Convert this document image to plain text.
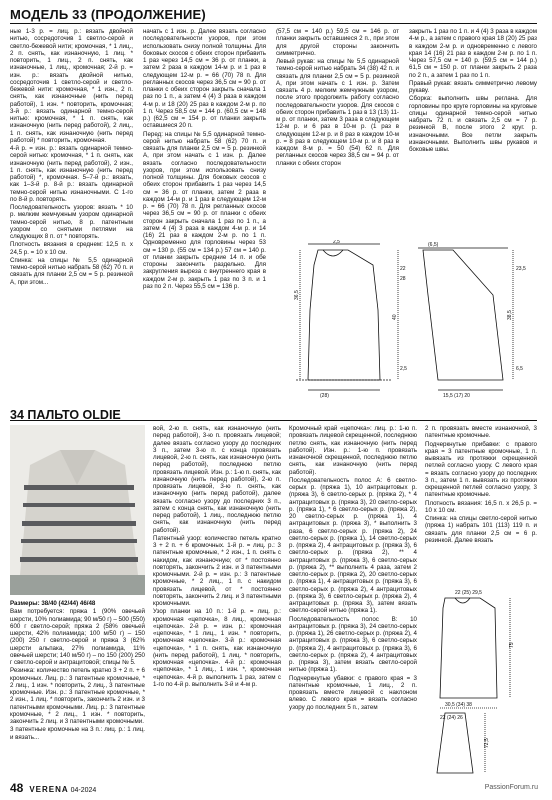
МОДЕЛЬ 33 (ПРОДОЛЖЕНИЕ)

ные 1-3 р. = лиц. р.: вязать двойной нитью, сосредоточив 1 светло-серой и светло-бежевой нити; кромочная, * 1 лиц., 2 п. снять, как изнаночную, 1 лиц. * повторить, 1 лиц., 2 п. снять, как изнаночные, 1 лиц., кромочная; 2-й р. = изн. р.: вязать двойной нитью, сосредоточив 1 светло-серой и светло-бежевой нити: кромочная, * 1 изн., 2 п. снять, как изнаночные (нить перед работой), 1 изн. * повторить, кромочная; 3-й р.: вязать одинарной темно-серой нитью: кромочная, * 1 п. снять, как изнаночную (нить перед работой), 2 лиц., 1 п. снять, как изнаночную (нить перед работой) * повторить, кромочная.

4-й р. = изн. р.: вязать одинарной темно-серой нитью: кромочная, * 1 п. снять, как изнаночную (нить перед работой), 2 изн., 1 п. снять, как изнаночную (нить перед работой) *, кромочная. 5–7-й р.: вязать, как 1–3-й р. 8-й р.: вязать одинарной темно-серой нитью изнаночными. С 1-го по 8-й р. повторять.

Последовательность узоров: вязать * 10 р. мелким жемчужным узором одинарной темно-серой нитью, 8 р. патентным узором со снятыми петлями на следующих 8 п. от * повторять.

Плотность вязания в среднем: 12,5 п. х 24,5 р. = 10 х 10 см.

Спинка: на спицы № 5,5 одинарной темно-серой нитью набрать 58 (62) 70 п. и связать для планки 2,5 см = 5 р. резинкой А, при этом...

начать с 1 изн. р. Далее вязать согласно последовательности узоров, при этом использовать снизу полной толщины. Для боковых скосов с обеих сторон прибавить 1 раз через 14,5 см = 36 р. от планки, а затем 2 раза в каждом 14-м р. и 1 раз в следующем 12-м р. = 66 (70) 78 п. Для регланных скосов через 36,5 см = 90 р. от планки с обеих сторон закрыть сначала 1 раз по 1 п., а затем 4 (4) 3 раза в каждом 4-м р. и 18 (20) 25 раз в каждом 2-м р. по 1 п. Через 58,5 см = 144 р. (60,5 см = 148 р.) (62,5 см = 154 р. от планки закрыть оставшиеся 20 п.

Перед: на спицы № 5,5 одинарной темно-серой нитью набрать 58 (62) 70 п. и связать для планки 2,5 см = 5 р. резинкой А, при этом начать с 1 изн. р. Далее вязать согласно последовательности узоров, при этом использовать снизу полной толщины. Для боковых скосов с обеих сторон прибавить 1 раз через 14,5 см = 36 р. от планки, затем 2 раза в каждом 14-м р. и 1 раз в следующем 12-м р. = 66 (70) 78 п. Для регланных скосов через 36,5 см = 90 р. от планки с обеих сторон закрыть сначала 1 раз по 1 п., а затем 4 (4) 3 раза в каждом 4-м р. и 14 (16) 21 раз в каждом 2-м р. по 1 п. Одновременно для горловины через 53 см = 130 р. (55 см = 134 р.) 57 см = 140 р. от планки закрыть средние 14 п. и обе стороны закончить раздельно. Для закругления выреза с внутреннего края в каждом 2-м р. закрыть 1 раз по 3 п. и 1 раз по 2 п. Через 55,5 см = 136 р.

(57,5 см = 140 р.) 59,5 см = 146 р. от планки закрыть оставшиеся 2 п., при этом для другой стороны закончить симметрично.

Левый рукав: на спицы № 5,5 одинарной темно-серой нитью набрать 34 (38) 42 п. и связать для планки 2,5 см = 5 р. резинкой А, при этом начать с 1 изн. р. Затем связать 4 р. мелким жемчужным узором, после этого продолжить работу согласно последовательности узоров. Для скосов с обеих сторон прибавить 1 раз в 13 (13) 11-м р. от планки, затем 3 раза в следующем 12-м р. и 6 раз в 10-м р. (1 раз в следующем 12-м р. и 8 раз в каждом 10-м р. = 8 раз в следующем 10-м р. и 8 раз в каждом 8-м р. = 50 (54) 62 п. Для регланных скосов через 38,5 см = 94 р. от планки с обеих сторон

закрыть 1 раз по 1 п. и 4 (4) 3 раза в каждом 4-м р., а затем с правого края 18 (20) 25 раз в каждом 2-м р. и одновременно с левого края 14 (16) 21 раз в каждом 2-м р. по 1 п. Через 57,5 см = 140 р. (59,5 см = 144 р.) 61,5 см = 150 р. от планки закрыть 2 раза по 2 п., а затем 1 раз по 1 п.

Правый рукав: вязать симметрично левому рукаву.

Сборка: выполнить швы реглана. Для горловины про круге горловины на круговые спицы одинарной темно-серой нитью набрать 72 п. и связать 2,5 см = 7 р. резинкой В, после этого 2 круг. р. изнаночными. Все петли закрыть изнаночными. Выполнить швы рукавов и боковые швы.

36,5
40	38,5
(28)	15,5 (17) 20
(6,5)
2,5
22
28
2,5
23,5
6,5
34 ПАЛЬТО OLDIE

Размеры: 38/40 (42/44) 46/48

Вам потребуется: пряжа 1 (90% овечьей шерсти, 10% полиамида; 90 м/50 г) – 500 (550) 600 г светло-серой; пряжа 2 (58% овечьей шерсти, 42% полиамида; 100 м/50 г) – 150 (200) 250 г светло-серой и пряжа 3 (62% шерсти альпака, 27% полиамида, 11% овечьей шерсти; 140 м/50 г) – по 150 (200) 250 г светло-серой и антрацитовой; спицы № 5.

Резинка: количество петель кратно 3 + 2 п. + 6 кромочных. Лиц. р.: 3 патентные кромочные, * 2 лиц., 1 изн. * повторить, 2 лиц., 3 патентные кромочные. Изн. р.: 3 патентные кромочные, * 2 изн., 1 лиц. * повторить, закончить 2 изн. и 3 патентными кромочными. Лиц. р.: 3 патентные кромочные, * 2 лиц., 1 изн. * повторить, закончить 2 лиц. и 3 патентными кромочными.

3 патентные кромочные на 3 п.: лиц. р.: 1 лиц. и вязать...

вой, 2-ю п. снять, как изнаночную (нить перед работой), 3-ю п. провязать лицевой; далее вязать согласно узору до последних 3 п., затем 3-ю п. с конца провязать лицевой, 2-ю п. снять, как изнаночную (нить перед работой), последнюю петлю провязать лицевой. Изн. р.: 1-ю п. снять, как изнаночную (нить перед работой), 2-ю п. провязать лицевой, 3-ю п. снять, как изнаночную (нить перед работой), далее вязать согласно узору до последних 3 п., затем с конца снять, как изнаночную (нить перед работой), 1 лиц., последнюю петлю снять, как изнаночную (нить перед работой).

Патентный узор: количество петель кратно 3 + 2 п. + 6 кромочных. 1-й р. = лиц. р.: 3 патентные кромочные, * 2 изн., 1 п. снять с накидом, как изнаночную; от * постоянно повторять, закончить 2 изн. и 3 патентными кромочными. 2-й р. = изн. р.: 3 патентные кромочные, * 2 лиц., 1 п. с накидом провязать лицевой, от * постоянно повторять, закончить 2 лиц. и 3 патентными кромочными.

Узор планки на 10 п.: 1-й р. = лиц. р.: кромочная «цепочка», 8 лиц., кромочная «цепочка». 2-й р. = изн. р.: кромочная «цепочка», * 1 лиц., 1 изн. * повторить, кромочная «цепочка». 3-й р.: кромочная «цепочка», * 1 п. снять, как изнаночную (нить перед работой), 1 лиц. * повторить, кромочная «цепочка». 4-й р.: кромочная «цепочка», * 1 лиц., 1 изн. *, кромочная «цепочка». 4-й р. выполнить 1 раз, затем с 1-го по 4-й р. выполнить 3-й и 4-м р.

Кромочный край «цепочка»: лиц. р.: 1-ю п. провязать лицевой скрещенной, последнюю петлю снять, как изнаночную (нить перед работой). Изн. р.: 1-ю п. провязать изнаночной скрещенной, последнюю петлю снять, как изнаночную (нить перед работой).

Последовательность полос А: 6 светло-серых р. (пряжа 1), 10 антрацитовых р. (пряжа 3), 6 светло-серых р. (пряжа 2), * 4 антрацитовых р. (пряжа 3), 20 светло-серых р. (пряжа 1), * 6 светло-серых р. (пряжа 2), 20 светло-серых р. (пряжа 1), 4 антрацитовых р. (пряжа 3), * выполнить 3 раза, 6 светло-серых р. (пряжа 2), 24 светло-серых р. (пряжа 1), 14 светло-серых р. (пряжа 2), 4 антрацитовых р. (пряжа 3), 6 светло-серых р. (пряжа 2), ** 4 антрацитовых р. (пряжа 3), 6 светло-серых р. (пряжа 2), ** выполнить 4 раза, затем 2 светло-серых р. (пряжа 2), 20 светло-серых р. (пряжа 1), 4 антрацитовых р. (пряжа 3), 6 светло-серых р. (пряжа 2), 4 антрацитовых р. (пряжа 3), 6 светло-серых р. (пряжа 2), 4 антрацитовых р. (пряжа 3), затем вязать светло-серой нитью (пряжа 1).

Последовательность полос В: 10 антрацитовых р. (пряжа 3), 24 светло-серых р. (пряжа 1), 26 светло-серых р. (пряжа 2), 4 антрацитовых р. (пряжа 3), 6 светло-серых р. (пряжа 2), 4 антрацитовых р. (пряжа 3), 6 светло-серых р. (пряжа 2), 4 антрацитовых р. (пряжа 3), затем вязать светло-серой нитью (пряжа 1).

Подчеркнутые убавки: с правого края = 3 патентные кромочные, 1 лиц., 2 п. провязать вместе лицевой с наклоном влево. С левого края = вязать согласно узору до последних 5 п., затем

2 п. провязать вместе изнаночной, 3 патентные кромочные.

Подчеркнутые прибавки: с правого края = 3 патентные кромочные, 1 п. вывязать из протяжки скрещенной петлей согласно узору. С левого края = вязать согласно узору до последних 3 п., затем 1 п. вывязать из протяжки скрещенной петлей согласно узору, 3 патентные кромочные.

Плотность вязания: 16,5 п. х 26,5 р. = 10 х 10 см.

Спинка: на спицы светло-серой нитью (пряжа 1) набрать 101 (113) 119 п. и связать для планки 2,5 см = 6 р. резинкой. Далее вязать

22 (25) 29,5
75
30,5 (34) 38
22 (24) 26
72,5
48 VERENA 04-2024	PassionForum.ru
